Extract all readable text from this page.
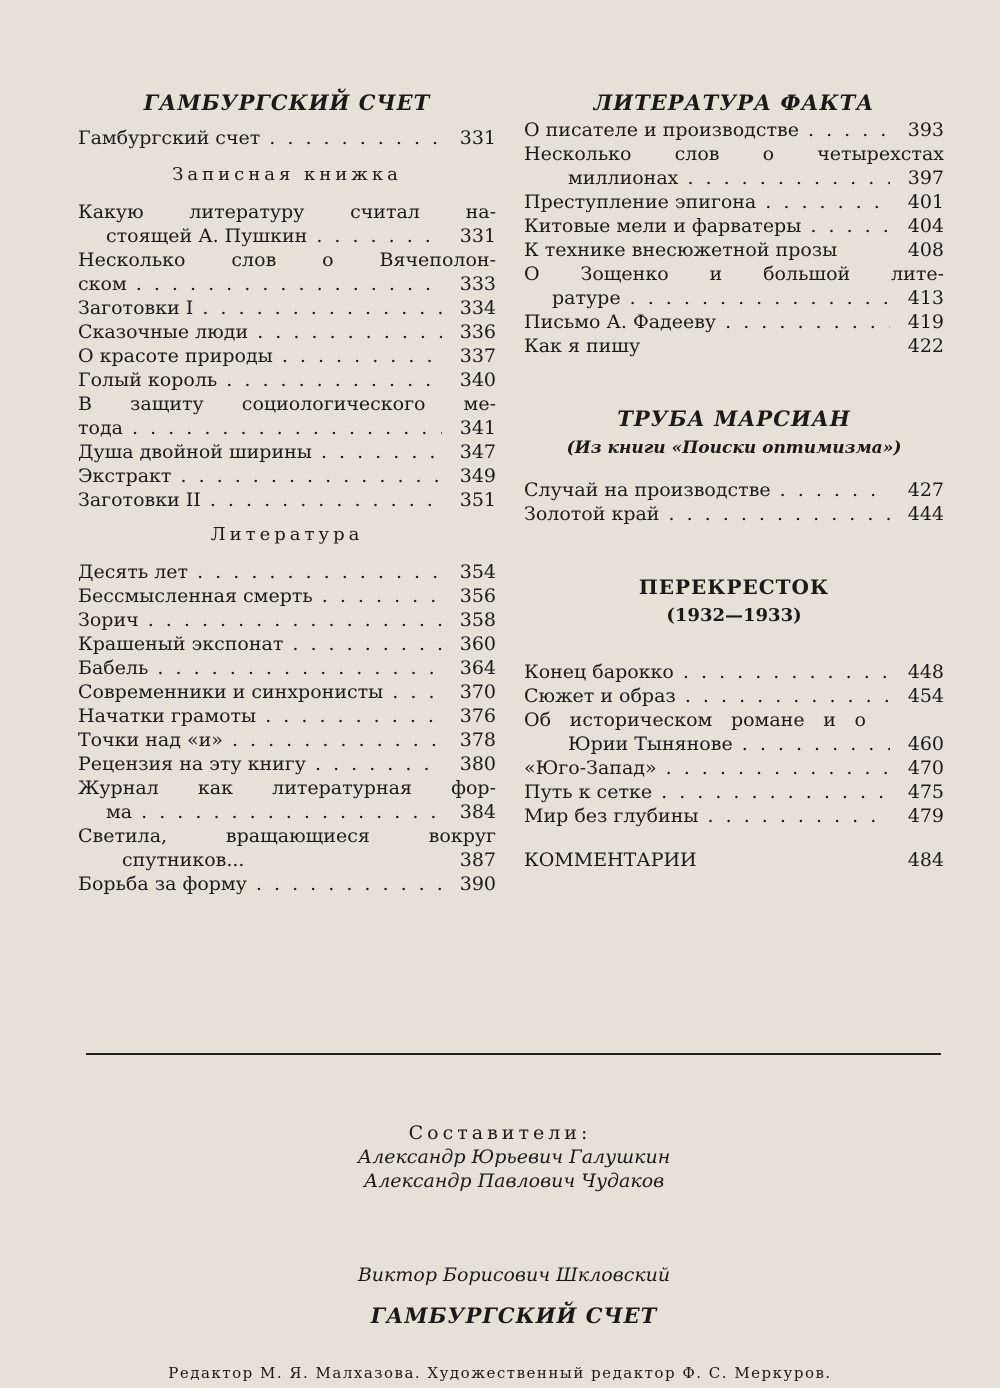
ГАМБУРГСКИЙ СЧЕТ
Гамбургский счет . . .	331
Записная книжка
Какую литературу считал на-
стоящей А. Пушкин . . .	331
Несколько слов о Вячеполон-
ском . . .	333
Заготовки I . . .	334
Сказочные люди . . .	336
О красоте природы . . .	337
Голый король . . .	340
В защиту социологического ме-
тода . . .	341
Душа двойной ширины . . .	347
Экстракт . . .	349
Заготовки II . . .	351
Литература
Десять лет . . .	354
Бессмысленная смерть . . .	356
Зорич . . .	358
Крашеный экспонат . . .	360
Бабель . . .	364
Современники и синхронисты . . .	370
Начатки грамоты . . .	376
Точки над «и» . . .	378
Рецензия на эту книгу . . .	380
Журнал как литературная фор-
ма . . .	384
Светила, вращающиеся вокруг
спутников...	387
Борьба за форму . . .	390
ЛИТЕРАТУРА ФАКТА
О писателе и производстве . . .	393
Несколько слов о четырехстах
миллионах . . .	397
Преступление эпигона . . .	401
Китовые мели и фарватеры . . .	404
К технике внесюжетной прозы	408
О Зощенко и большой лите-
ратуре . . .	413
Письмо А. Фадееву . . .	419
Как я пишу	422
ТРУБА МАРСИАН
(Из книги «Поиски оптимизма»)
Случай на производстве . . .	427
Золотой край . . .	444
ПЕРЕКРЕСТОК
(1932—1933)
Конец барокко . . .	448
Сюжет и образ . . .	454
Об историческом романе и о
Юрии Тынянове . . .	460
«Юго-Запад» . . .	470
Путь к сетке . . .	475
Мир без глубины . . .	479
КОММЕНТАРИИ	484
Составители:
Александр Юрьевич Галушкин
Александр Павлович Чудаков
Виктор Борисович Шкловский
ГАМБУРГСКИЙ СЧЕТ
Редактор М. Я. Малхазова. Художественный редактор Ф. С. Меркуров.
